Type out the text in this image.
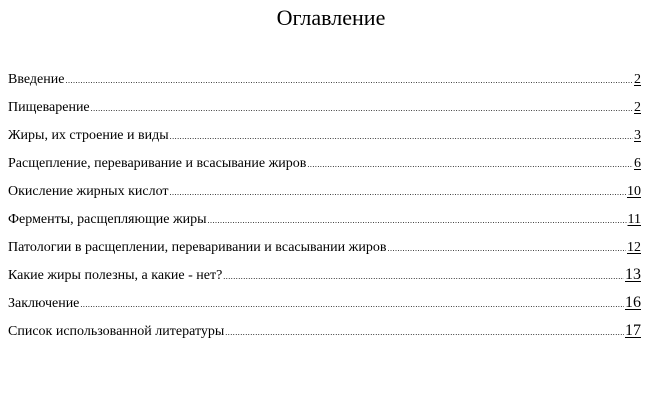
Оглавление
Введение .....	2
Пищеварение .....	2
Жиры, их строение и виды .....	3
Расщепление, переваривание и всасывание жиров .....	6
Окисление жирных кислот .....	10
Ферменты, расщепляющие жиры .....	11
Патологии в расщеплении, переваривании и всасывании жиров .....	12
Какие жиры полезны, а какие - нет? .....	13
Заключение .....	16
Список использованной литературы .....	17
